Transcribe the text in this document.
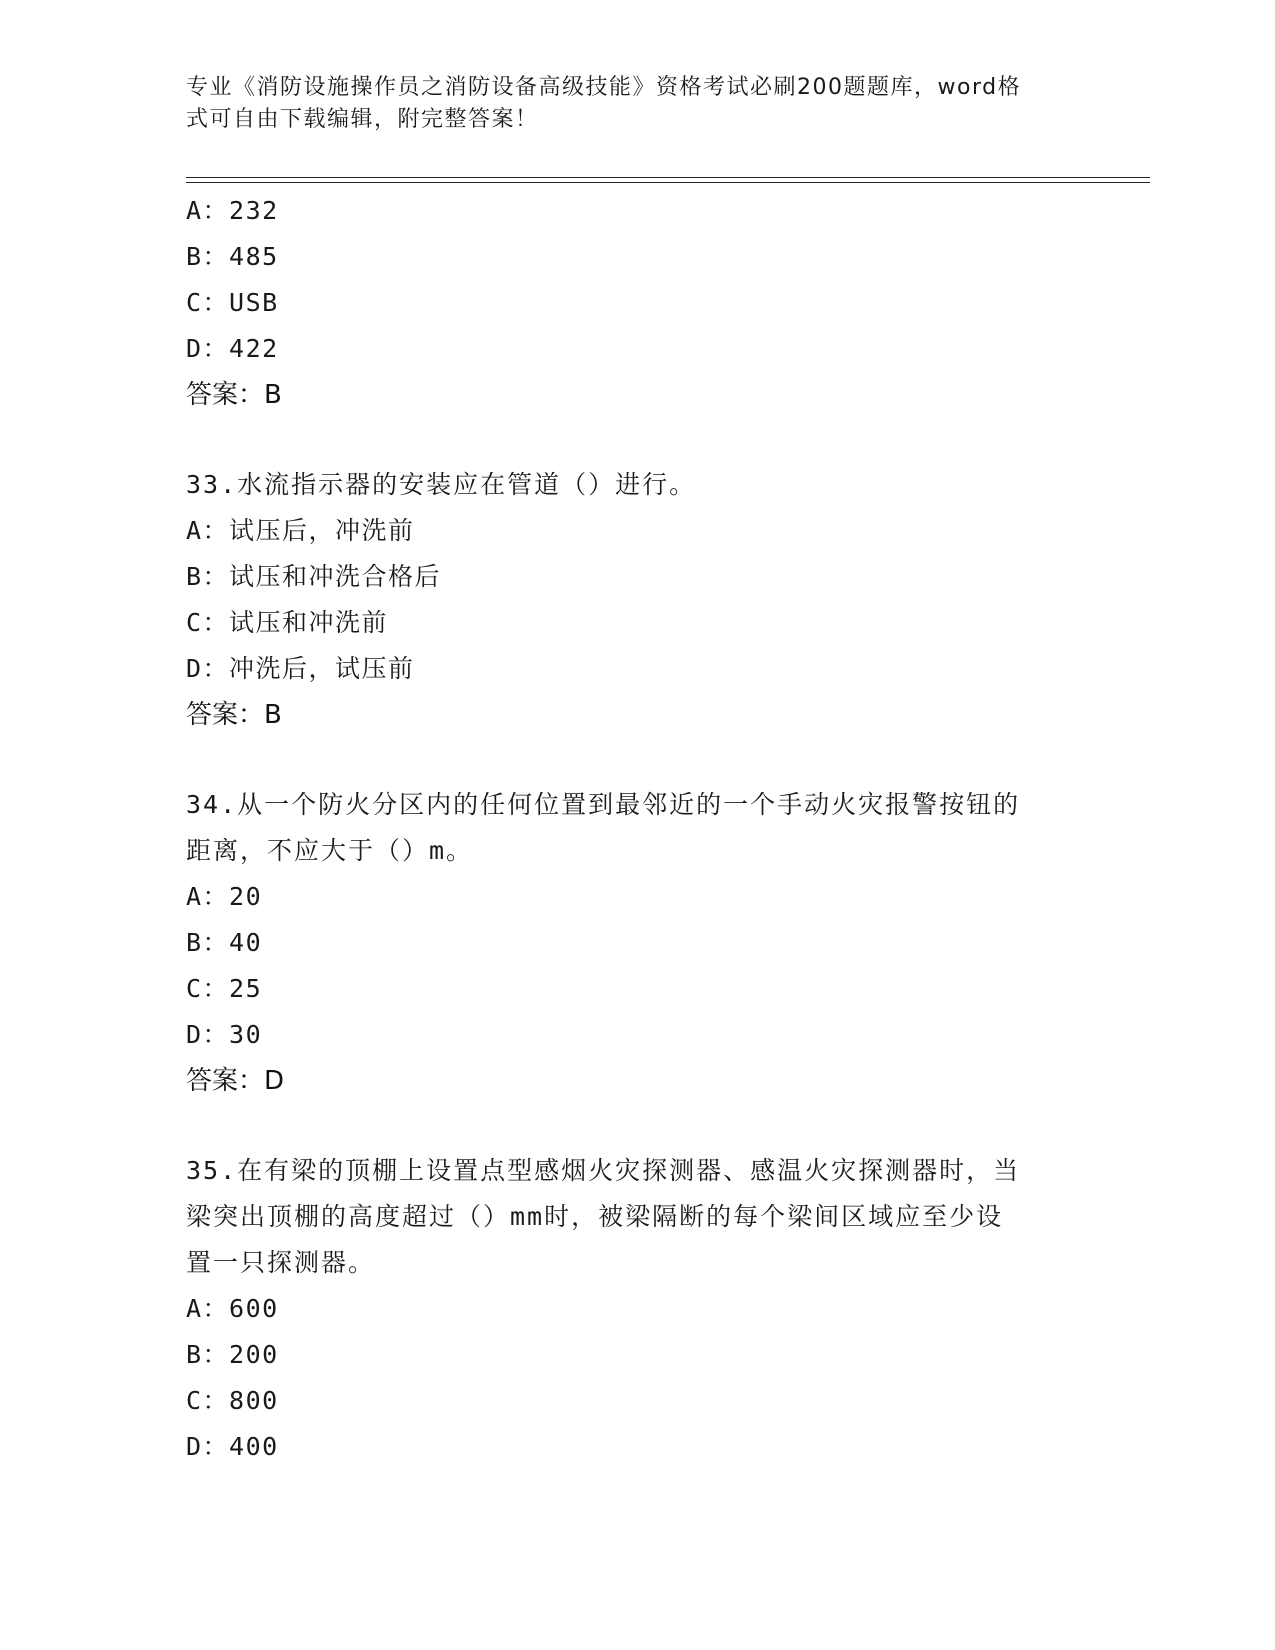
专业《消防设施操作员之消防设备高级技能》资格考试必刷200题题库，word格
式可自由下载编辑，附完整答案！
A：232
B：485
C：USB
D：422
答案：B
33.水流指示器的安装应在管道（）进行。
A：试压后，冲洗前
B：试压和冲洗合格后
C：试压和冲洗前
D：冲洗后，试压前
答案：B
34.从一个防火分区内的任何位置到最邻近的一个手动火灾报警按钮的
距离，不应大于（）m。
A：20
B：40
C：25
D：30
答案：D
35.在有梁的顶棚上设置点型感烟火灾探测器、感温火灾探测器时，当
梁突出顶棚的高度超过（）mm时，被梁隔断的每个梁间区域应至少设
置一只探测器。
A：600
B：200
C：800
D：400
